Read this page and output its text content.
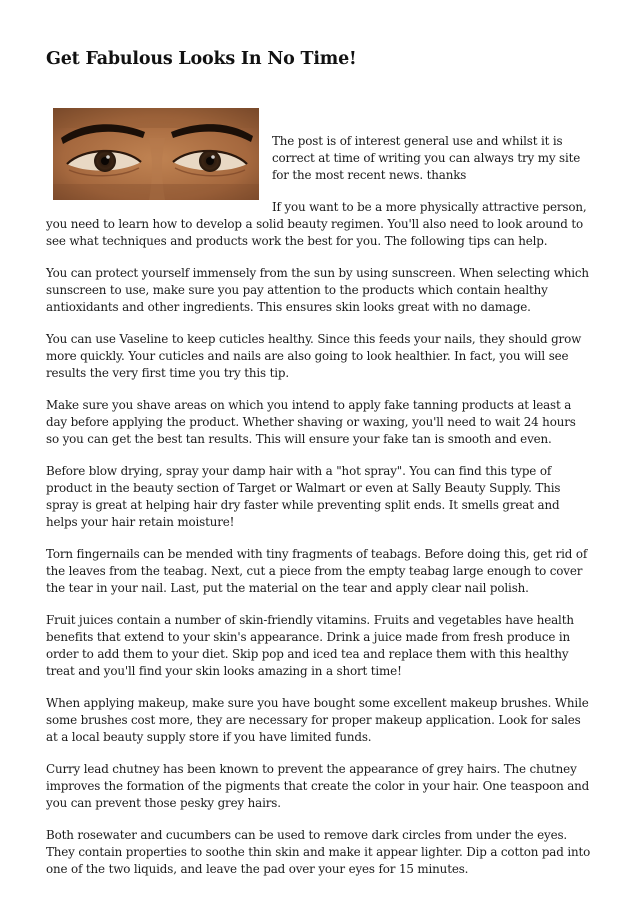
Get Fabulous Looks In No Time!

The post is of interest general use and whilst it is correct at time of writing you can always try my site for the most recent news. thanks

If you want to be a more physically attractive person, you need to learn how to develop a solid beauty regimen. You'll also need to look around to see what techniques and products work the best for you. The following tips can help.

You can protect yourself immensely from the sun by using sunscreen. When selecting which sunscreen to use, make sure you pay attention to the products which contain healthy antioxidants and other ingredients. This ensures skin looks great with no damage.

You can use Vaseline to keep cuticles healthy. Since this feeds your nails, they should grow more quickly. Your cuticles and nails are also going to look healthier. In fact, you will see results the very first time you try this tip.

Make sure you shave areas on which you intend to apply fake tanning products at least a day before applying the product. Whether shaving or waxing, you'll need to wait 24 hours so you can get the best tan results. This will ensure your fake tan is smooth and even.

Before blow drying, spray your damp hair with a "hot spray". You can find this type of product in the beauty section of Target or Walmart or even at Sally Beauty Supply. This spray is great at helping hair dry faster while preventing split ends. It smells great and helps your hair retain moisture!

Torn fingernails can be mended with tiny fragments of teabags. Before doing this, get rid of the leaves from the teabag. Next, cut a piece from the empty teabag large enough to cover the tear in your nail. Last, put the material on the tear and apply clear nail polish.

Fruit juices contain a number of skin-friendly vitamins. Fruits and vegetables have health benefits that extend to your skin's appearance. Drink a juice made from fresh produce in order to add them to your diet. Skip pop and iced tea and replace them with this healthy treat and you'll find your skin looks amazing in a short time!

When applying makeup, make sure you have bought some excellent makeup brushes. While some brushes cost more, they are necessary for proper makeup application. Look for sales at a local beauty supply store if you have limited funds.

Curry lead chutney has been known to prevent the appearance of grey hairs. The chutney improves the formation of the pigments that create the color in your hair. One teaspoon and you can prevent those pesky grey hairs.

Both rosewater and cucumbers can be used to remove dark circles from under the eyes. They contain properties to soothe thin skin and make it appear lighter. Dip a cotton pad into one of the two liquids, and leave the pad over your eyes for 15 minutes.
